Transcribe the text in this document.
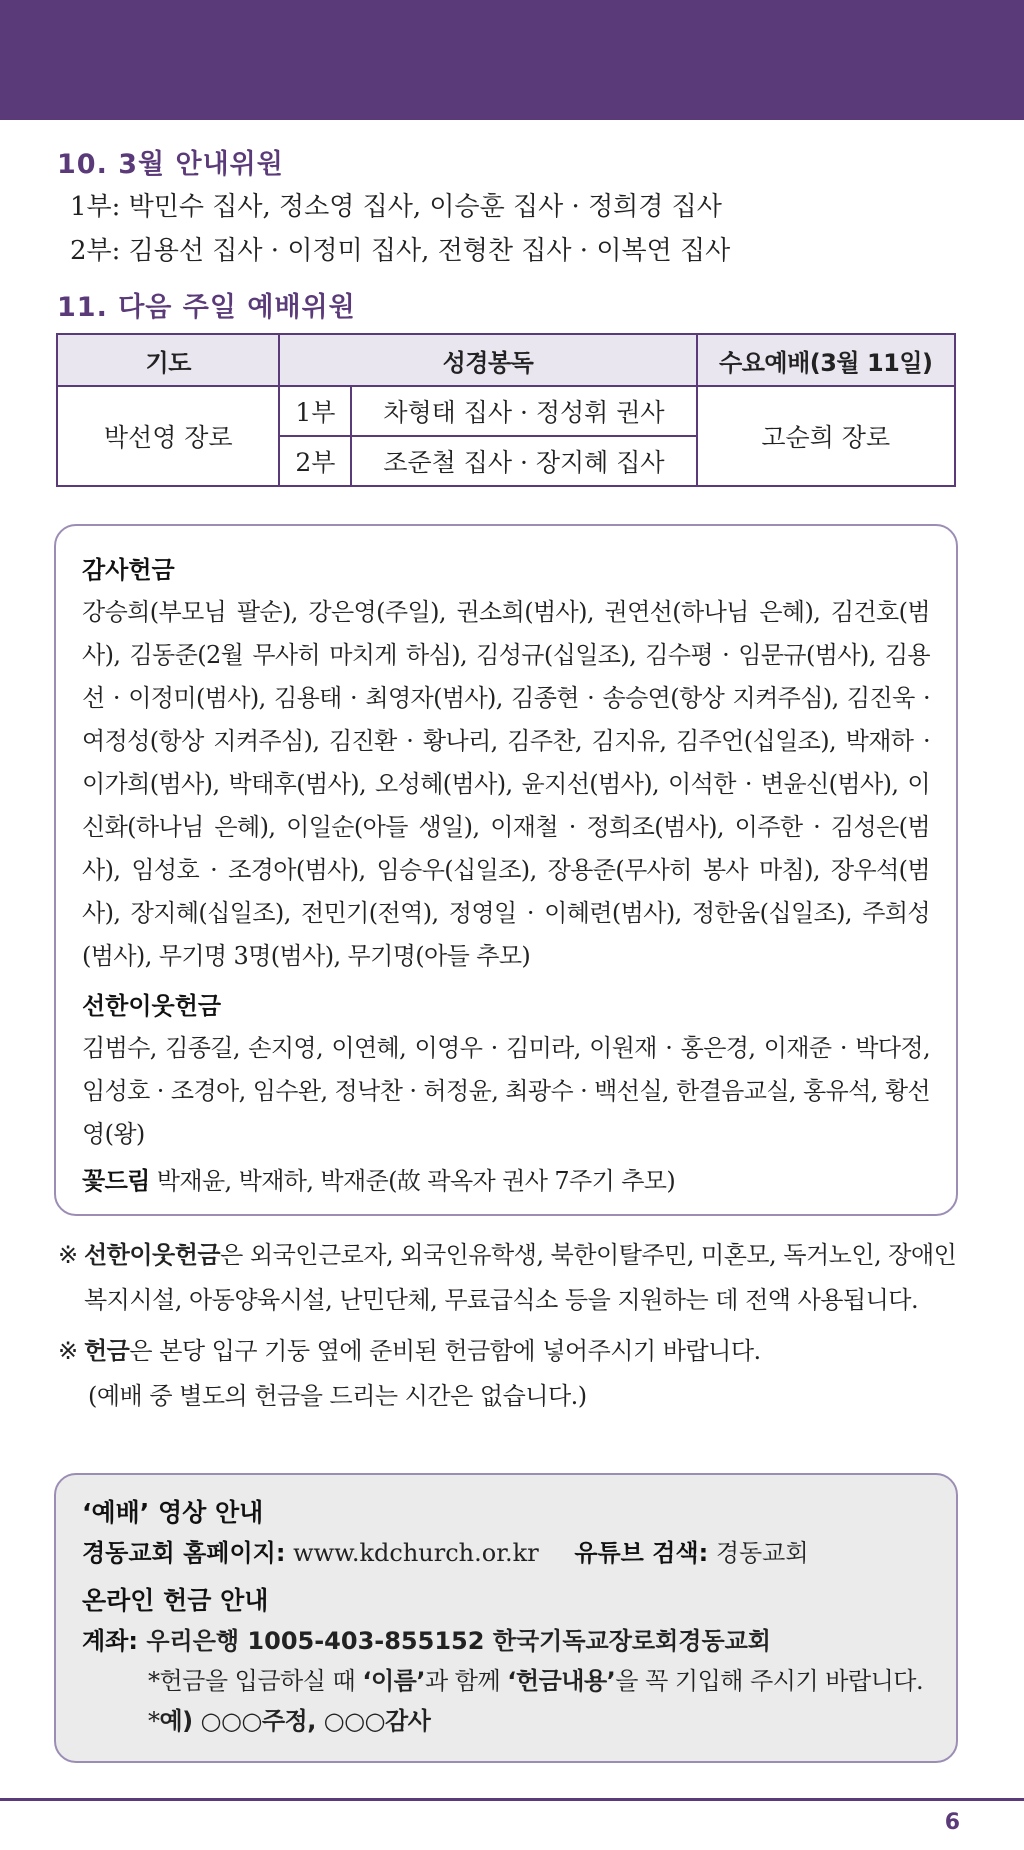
10. 3월 안내위원
1부: 박민수 집사, 정소영 집사, 이승훈 집사 · 정희경 집사
2부: 김용선 집사 · 이정미 집사, 전형찬 집사 · 이복연 집사
11. 다음 주일 예배위원
기도	성경봉독		수요예배(3월 11일)
박선영 장로	1부	차형태 집사 · 정성휘 권사	고순희 장로
	2부	조준철 집사 · 장지혜 집사	
감사헌금
강승희(부모님 팔순), 강은영(주일), 권소희(범사), 권연선(하나님 은혜), 김건호(범사), 김동준(2월 무사히 마치게 하심), 김성규(십일조), 김수평 · 임문규(범사), 김용선 · 이정미(범사), 김용태 · 최영자(범사), 김종현 · 송승연(항상 지켜주심), 김진욱 · 여정성(항상 지켜주심), 김진환 · 황나리, 김주찬, 김지유, 김주언(십일조), 박재하 · 이가희(범사), 박태후(범사), 오성혜(범사), 윤지선(범사), 이석한 · 변윤신(범사), 이신화(하나님 은혜), 이일순(아들 생일), 이재철 · 정희조(범사), 이주한 · 김성은(범사), 임성호 · 조경아(범사), 임승우(십일조), 장용준(무사히 봉사 마침), 장우석(범사), 장지혜(십일조), 전민기(전역), 정영일 · 이혜련(범사), 정한움(십일조), 주희성(범사), 무기명 3명(범사), 무기명(아들 추모)
선한이웃헌금
김범수, 김종길, 손지영, 이연혜, 이영우 · 김미라, 이원재 · 홍은경, 이재준 · 박다정, 임성호 · 조경아, 임수완, 정낙찬 · 허정윤, 최광수 · 백선실, 한결음교실, 홍유석, 황선영(왕)
꽃드림 박재윤, 박재하, 박재준(故 곽옥자 권사 7주기 추모)
※ 선한이웃헌금은 외국인근로자, 외국인유학생, 북한이탈주민, 미혼모, 독거노인, 장애인
복지시설, 아동양육시설, 난민단체, 무료급식소 등을 지원하는 데 전액 사용됩니다.
※ 헌금은 본당 입구 기둥 옆에 준비된 헌금함에 넣어주시기 바랍니다.
(예배 중 별도의 헌금을 드리는 시간은 없습니다.)
‘예배’ 영상 안내
경동교회 홈페이지: www.kdchurch.or.kr 유튜브 검색: 경동교회
온라인 헌금 안내
계좌: 우리은행 1005-403-855152 한국기독교장로회경동교회
*헌금을 입금하실 때 ‘이름’과 함께 ‘헌금내용’을 꼭 기입해 주시기 바랍니다.
*예) ○○○주정, ○○○감사
6
